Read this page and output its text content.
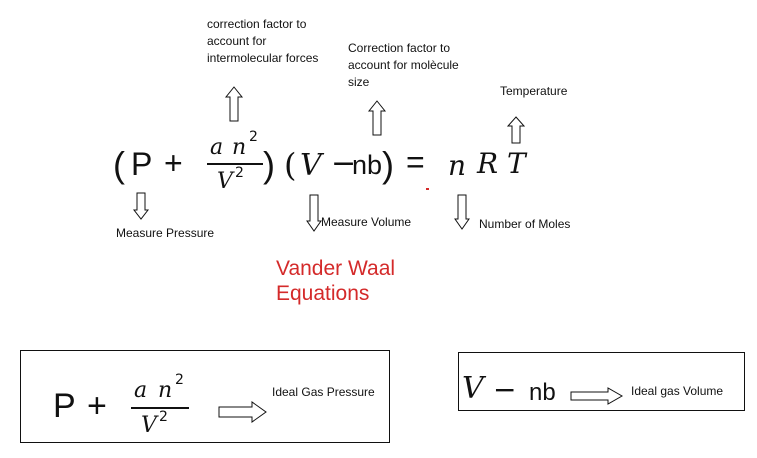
correction factor to
account for
intermolecular forces
Correction factor to
account for molècule
size
Temperature
( P + a n 2
V 2 ) ( V −
nb ) = n R T
Measure Pressure
Measure Volume	Number of Moles
Vander Waal
Equations
P + a n 2
V 2
Ideal Gas Pressure	V − nb	Ideal gas Volume
